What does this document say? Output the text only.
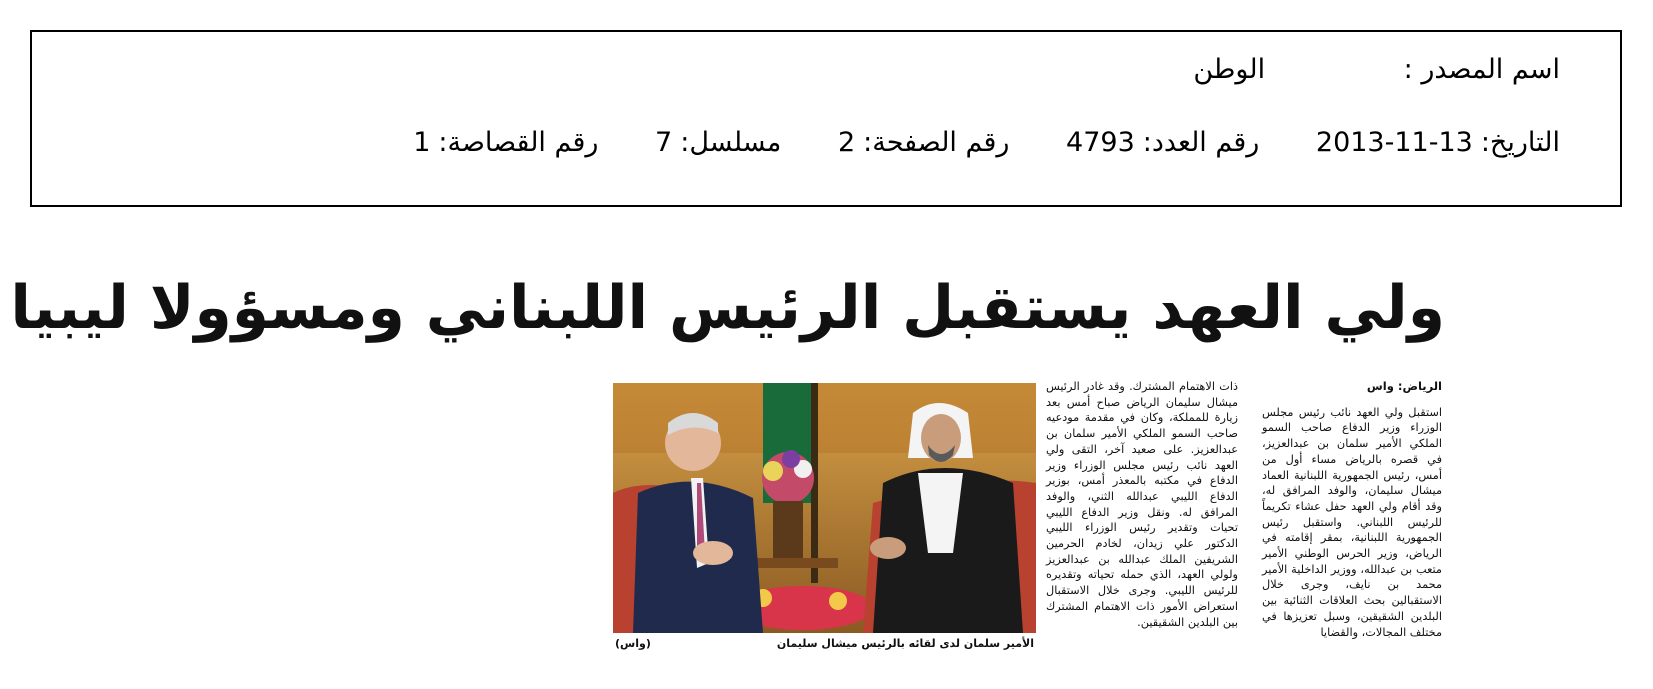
اسم المصدر : الوطن
التاريخ:2013-11-13 رقم العدد:4793 رقم الصفحة:2 مسلسل:7 رقم القصاصة:1
ولي العهد يستقبل الرئيس اللبناني ومسؤولا ليبيا
الرياض: واس
استقبل ولي العهد نائب رئيس مجلس الوزراء وزير الدفاع صاحب السمو الملكي الأمير سلمان بن عبدالعزيز، في قصره بالرياض مساء أول من أمس، رئيس الجمهورية اللبنانية العماد ميشال سليمان، والوفد المرافق له، وقد أقام ولي العهد حفل عشاء تكريماً للرئيس اللبناني. واستقبل رئيس الجمهورية اللبنانية، بمقر إقامته في الرياض، وزير الحرس الوطني الأمير متعب بن عبدالله، ووزير الداخلية الأمير محمد بن نايف، وجرى خلال الاستقبالين بحث العلاقات الثنائية بين البلدين الشقيقين، وسبل تعزيزها في مختلف المجالات، والقضايا
ذات الاهتمام المشترك. وقد غادر الرئيس ميشال سليمان الرياض صباح أمس بعد زيارة للمملكة، وكان في مقدمة مودعيه صاحب السمو الملكي الأمير سلمان بن عبدالعزيز. على صعيد آخر، التقى ولي العهد نائب رئيس مجلس الوزراء وزير الدفاع في مكتبه بالمعذر أمس، بوزير الدفاع الليبي عبدالله الثني، والوفد المرافق له. ونقل وزير الدفاع الليبي تحيات وتقدير رئيس الوزراء الليبي الدكتور علي زيدان، لخادم الحرمين الشريفين الملك عبدالله بن عبدالعزيز ولولي العهد، الذي حمله تحياته وتقديره للرئيس الليبي. وجرى خلال الاستقبال استعراض الأمور ذات الاهتمام المشترك بين البلدين الشقيقين.
الأمير سلمان لدى لقائه بالرئيس ميشال سليمان
(واس)
